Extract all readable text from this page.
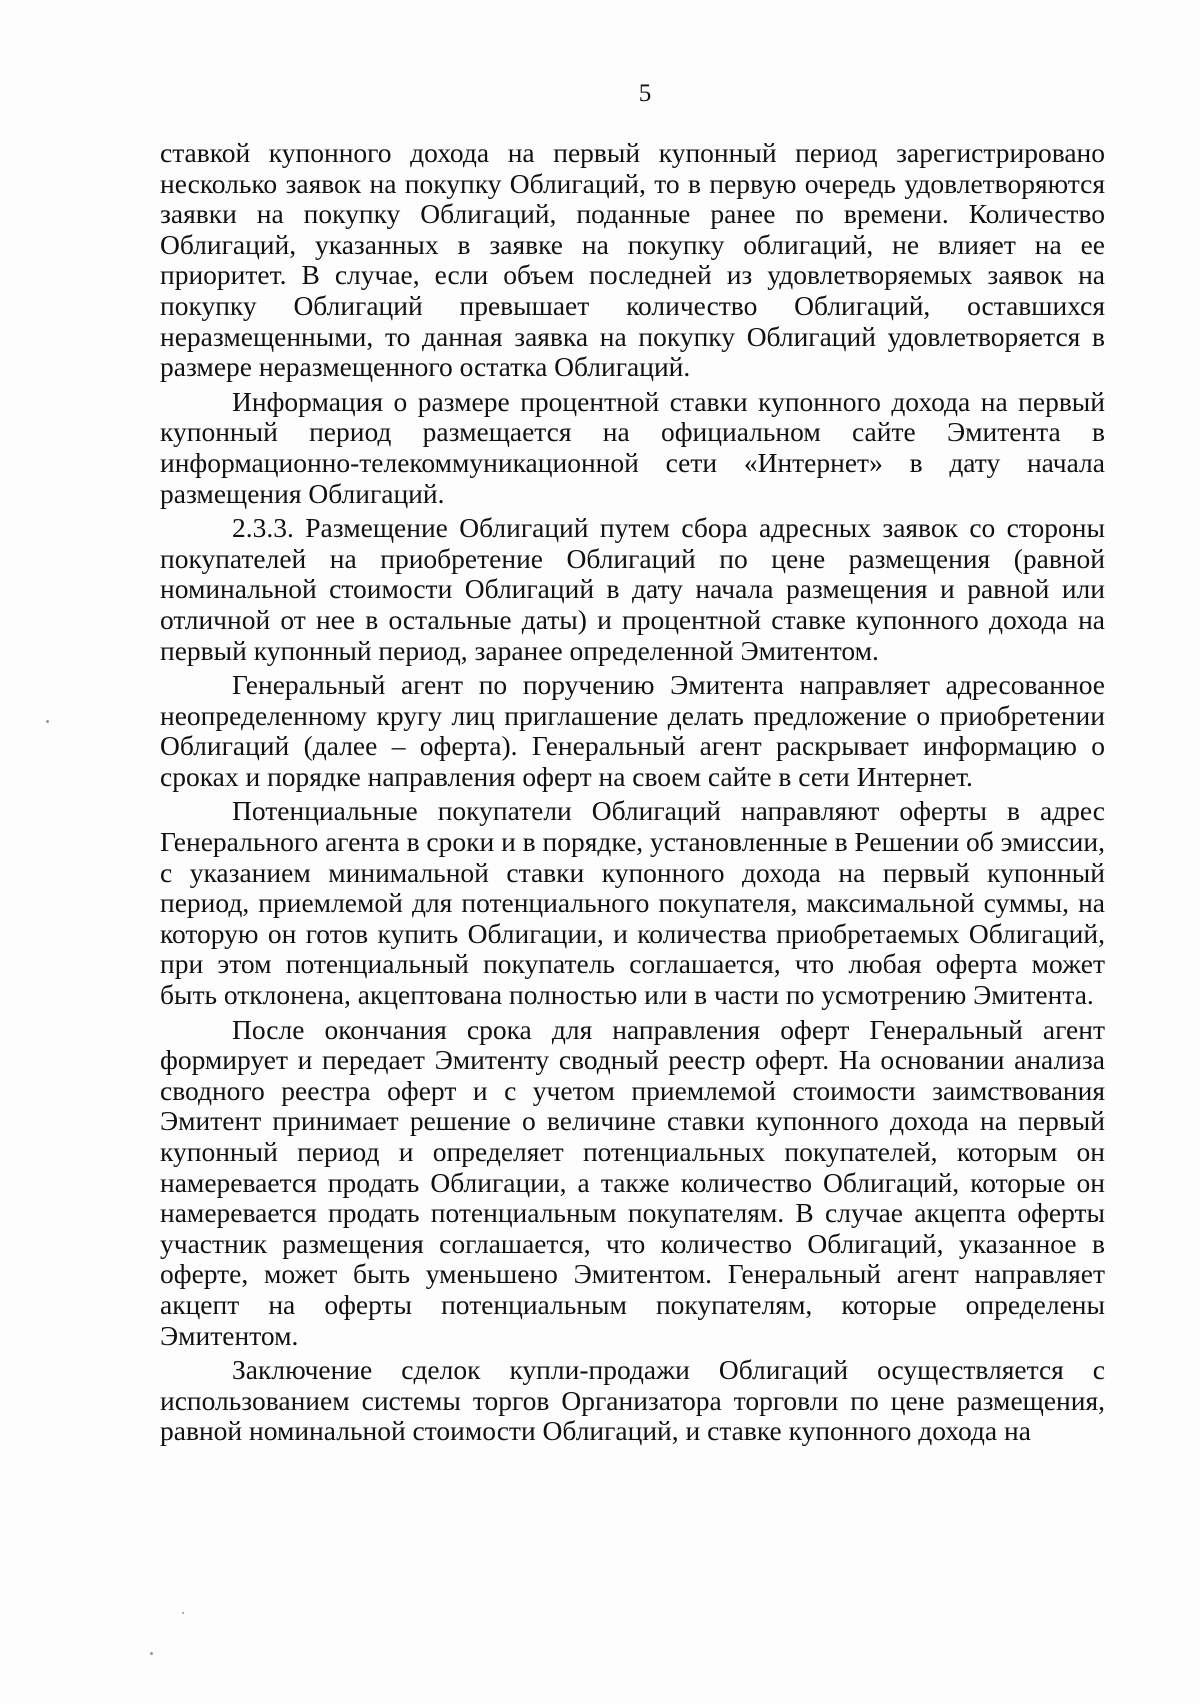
5

ставкой купонного дохода на первый купонный период зарегистрировано несколько заявок на покупку Облигаций, то в первую очередь удовлетворяются заявки на покупку Облигаций, поданные ранее по времени. Количество Облигаций, указанных в заявке на покупку облигаций, не влияет на ее приоритет. В случае, если объем последней из удовлетворяемых заявок на покупку Облигаций превышает количество Облигаций, оставшихся неразмещенными, то данная заявка на покупку Облигаций удовлетворяется в размере неразмещенного остатка Облигаций.

Информация о размере процентной ставки купонного дохода на первый купонный период размещается на официальном сайте Эмитента в информационно-телекоммуникационной сети «Интернет» в дату начала размещения Облигаций.

2.3.3. Размещение Облигаций путем сбора адресных заявок со стороны покупателей на приобретение Облигаций по цене размещения (равной номинальной стоимости Облигаций в дату начала размещения и равной или отличной от нее в остальные даты) и процентной ставке купонного дохода на первый купонный период, заранее определенной Эмитентом.

Генеральный агент по поручению Эмитента направляет адресованное неопределенному кругу лиц приглашение делать предложение о приобретении Облигаций (далее – оферта). Генеральный агент раскрывает информацию о сроках и порядке направления оферт на своем сайте в сети Интернет.

Потенциальные покупатели Облигаций направляют оферты в адрес Генерального агента в сроки и в порядке, установленные в Решении об эмиссии, с указанием минимальной ставки купонного дохода на первый купонный период, приемлемой для потенциального покупателя, максимальной суммы, на которую он готов купить Облигации, и количества приобретаемых Облигаций, при этом потенциальный покупатель соглашается, что любая оферта может быть отклонена, акцептована полностью или в части по усмотрению Эмитента.

После окончания срока для направления оферт Генеральный агент формирует и передает Эмитенту сводный реестр оферт. На основании анализа сводного реестра оферт и с учетом приемлемой стоимости заимствования Эмитент принимает решение о величине ставки купонного дохода на первый купонный период и определяет потенциальных покупателей, которым он намеревается продать Облигации, а также количество Облигаций, которые он намеревается продать потенциальным покупателям. В случае акцепта оферты участник размещения соглашается, что количество Облигаций, указанное в оферте, может быть уменьшено Эмитентом. Генеральный агент направляет акцепт на оферты потенциальным покупателям, которые определены Эмитентом.

Заключение сделок купли-продажи Облигаций осуществляется с использованием системы торгов Организатора торговли по цене размещения, равной номинальной стоимости Облигаций, и ставке купонного дохода на
